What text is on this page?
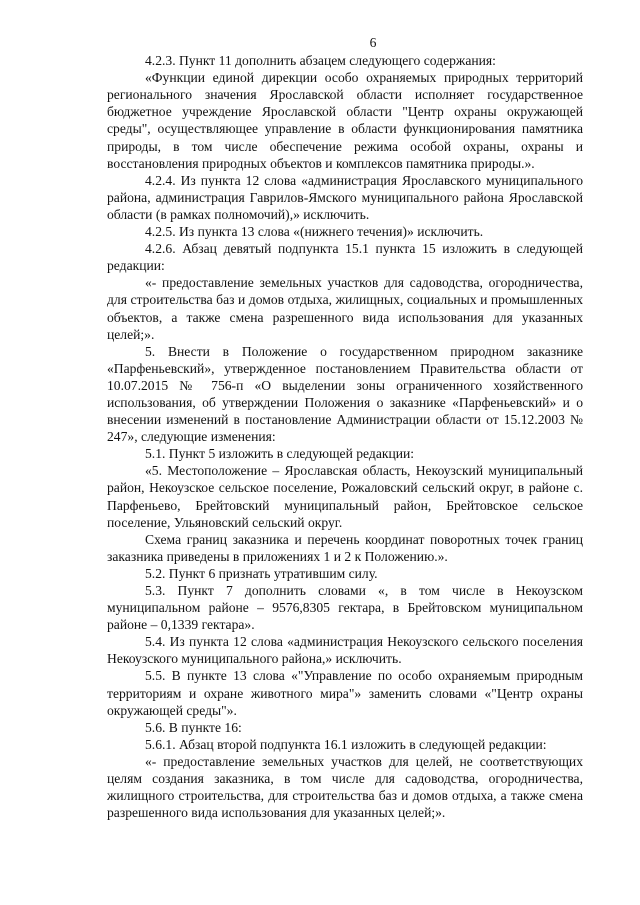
6

4.2.3. Пункт 11 дополнить абзацем следующего содержания:

«Функции единой дирекции особо охраняемых природных территорий регионального значения Ярославской области исполняет государственное бюджетное учреждение Ярославской области "Центр охраны окружающей среды", осуществляющее управление в области функционирования памятника природы, в том числе обеспечение режима особой охраны, охраны и восстановления природных объектов и комплексов памятника природы.».

4.2.4. Из пункта 12 слова «администрация Ярославского муниципального района, администрация Гаврилов-Ямского муниципального района Ярославской области (в рамках полномочий),» исключить.

4.2.5. Из пункта 13 слова «(нижнего течения)» исключить.

4.2.6. Абзац девятый подпункта 15.1 пункта 15 изложить в следующей редакции:

«- предоставление земельных участков для садоводства, огородничества, для строительства баз и домов отдыха, жилищных, социальных и промышленных объектов, а также смена разрешенного вида использования для указанных целей;».

5. Внести в Положение о государственном природном заказнике «Парфеньевский», утвержденное постановлением Правительства области от 10.07.2015 № 756-п «О выделении зоны ограниченного хозяйственного использования, об утверждении Положения о заказнике «Парфеньевский» и о внесении изменений в постановление Администрации области от 15.12.2003 № 247», следующие изменения:

5.1. Пункт 5 изложить в следующей редакции:

«5. Местоположение – Ярославская область, Некоузский муниципальный район, Некоузское сельское поселение, Рожаловский сельский округ, в районе с. Парфеньево, Брейтовский муниципальный район, Брейтовское сельское поселение, Ульяновский сельский округ.

Схема границ заказника и перечень координат поворотных точек границ заказника приведены в приложениях 1 и 2 к Положению.».

5.2. Пункт 6 признать утратившим силу.

5.3. Пункт 7 дополнить словами «, в том числе в Некоузском муниципальном районе – 9576,8305 гектара, в Брейтовском муниципальном районе – 0,1339 гектара».

5.4. Из пункта 12 слова «администрация Некоузского сельского поселения Некоузского муниципального района,» исключить.

5.5. В пункте 13 слова «"Управление по особо охраняемым природным территориям и охране животного мира"» заменить словами «"Центр охраны окружающей среды"».

5.6. В пункте 16:

5.6.1. Абзац второй подпункта 16.1 изложить в следующей редакции:

«- предоставление земельных участков для целей, не соответствующих целям создания заказника, в том числе для садоводства, огородничества, жилищного строительства, для строительства баз и домов отдыха, а также смена разрешенного вида использования для указанных целей;».
